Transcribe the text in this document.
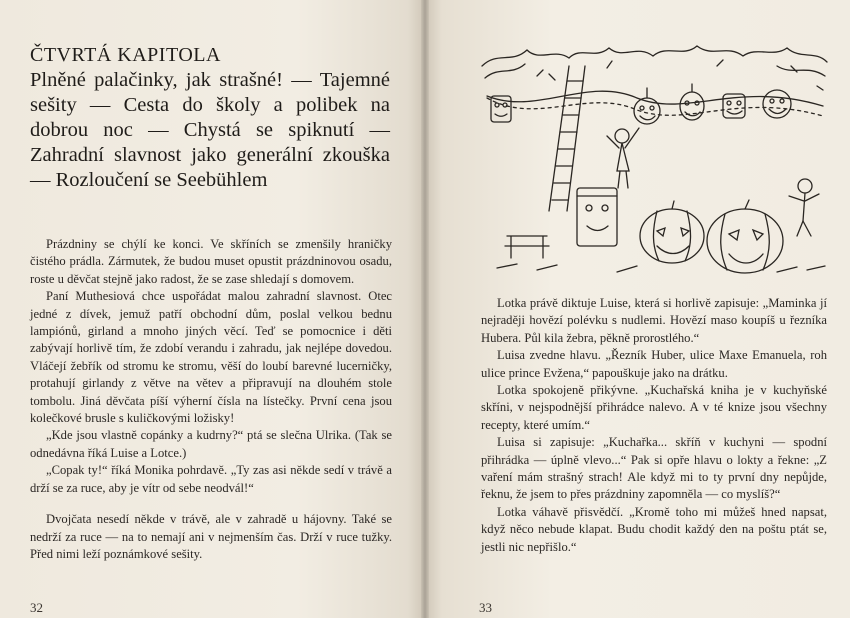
ČTVRTÁ KAPITOLA
Plněné palačinky, jak strašné! — Tajemné sešity — Cesta do školy a polibek na dobrou noc — Chystá se spiknutí — Zahradní slavnost jako generální zkouška — Rozloučení se Seebühlem

Prázdniny se chýlí ke konci. Ve skříních se zmenšily hraničky čistého prádla. Zármutek, že budou muset opustit prázdninovou osadu, roste u děvčat stejně jako radost, že se zase shledají s domovem.

Paní Muthesiová chce uspořádat malou zahradní slavnost. Otec jedné z dívek, jemuž patří obchodní dům, poslal velkou bednu lampiónů, girland a mnoho jiných věcí. Teď se pomocnice i děti zabývají horlivě tím, že zdobí verandu i zahradu, jak nejlépe dovedou. Vláčejí žebřík od stromu ke stromu, věší do loubí barevné lucerničky, protahují girlandy z větve na větev a připravují na dlouhém stole tombolu. Jiná děvčata píší výherní čísla na lístečky. První cena jsou kolečkové brusle s kuličkovými ložisky!

„Kde jsou vlastně copánky a kudrny?“ ptá se slečna Ulrika. (Tak se odnedávna říká Luise a Lotce.)

„Copak ty!“ říká Monika pohrdavě. „Ty zas asi někde sedí v trávě a drží se za ruce, aby je vítr od sebe neodvál!“

Dvojčata nesedí někde v trávě, ale v zahradě u hájovny. Také se nedrží za ruce — na to nemají ani v nejmenším čas. Drží v ruce tužky. Před nimi leží poznámkové sešity.

32

Lotka právě diktuje Luise, která si horlivě zapisuje: „Maminka jí nejraději hovězí polévku s nudlemi. Hovězí maso koupíš u řezníka Hubera. Půl kila žebra, pěkně prorostlého.“

Luisa zvedne hlavu. „Řezník Huber, ulice Maxe Emanuela, roh ulice prince Evžena,“ papouškuje jako na drátku.

Lotka spokojeně přikývne. „Kuchařská kniha je v kuchyňské skříni, v nejspodnější přihrádce nalevo. A v té knize jsou všechny recepty, které umím.“

Luisa si zapisuje: „Kuchařka... skříň v kuchyni — spodní přihrádka — úplně vlevo...“ Pak si opře hlavu o lokty a řekne: „Z vaření mám strašný strach! Ale když mi to ty první dny nepůjde, řeknu, že jsem to přes prázdniny zapomněla — co myslíš?“

Lotka váhavě přisvědčí. „Kromě toho mi můžeš hned napsat, když něco nebude klapat. Budu chodit každý den na poštu ptát se, jestli nic nepřišlo.“

33
